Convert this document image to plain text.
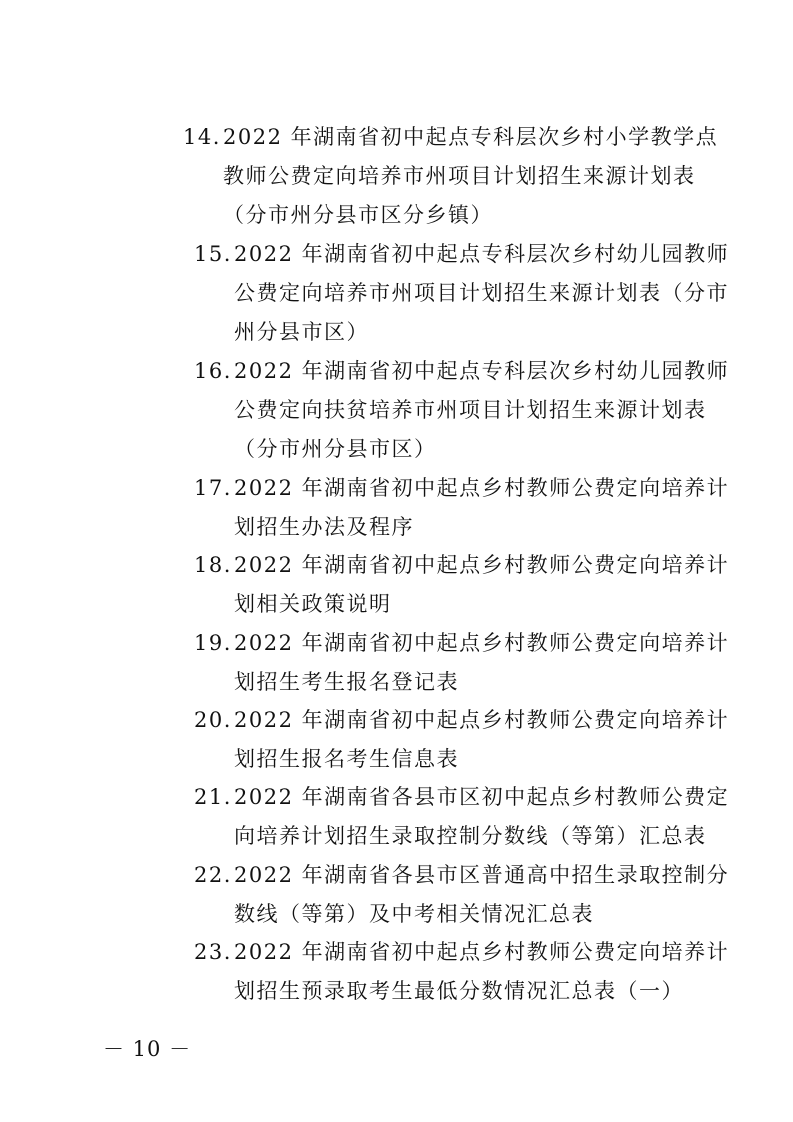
14.2022 年湖南省初中起点专科层次乡村小学教学点
教师公费定向培养市州项目计划招生来源计划表
（分市州分县市区分乡镇）
15.2022 年湖南省初中起点专科层次乡村幼儿园教师
公费定向培养市州项目计划招生来源计划表（分市
州分县市区）
16.2022 年湖南省初中起点专科层次乡村幼儿园教师
公费定向扶贫培养市州项目计划招生来源计划表
（分市州分县市区）
17.2022 年湖南省初中起点乡村教师公费定向培养计
划招生办法及程序
18.2022 年湖南省初中起点乡村教师公费定向培养计
划相关政策说明
19.2022 年湖南省初中起点乡村教师公费定向培养计
划招生考生报名登记表
20.2022 年湖南省初中起点乡村教师公费定向培养计
划招生报名考生信息表
21.2022 年湖南省各县市区初中起点乡村教师公费定
向培养计划招生录取控制分数线（等第）汇总表
22.2022 年湖南省各县市区普通高中招生录取控制分
数线（等第）及中考相关情况汇总表
23.2022 年湖南省初中起点乡村教师公费定向培养计
划招生预录取考生最低分数情况汇总表（一）
－ 10 －
